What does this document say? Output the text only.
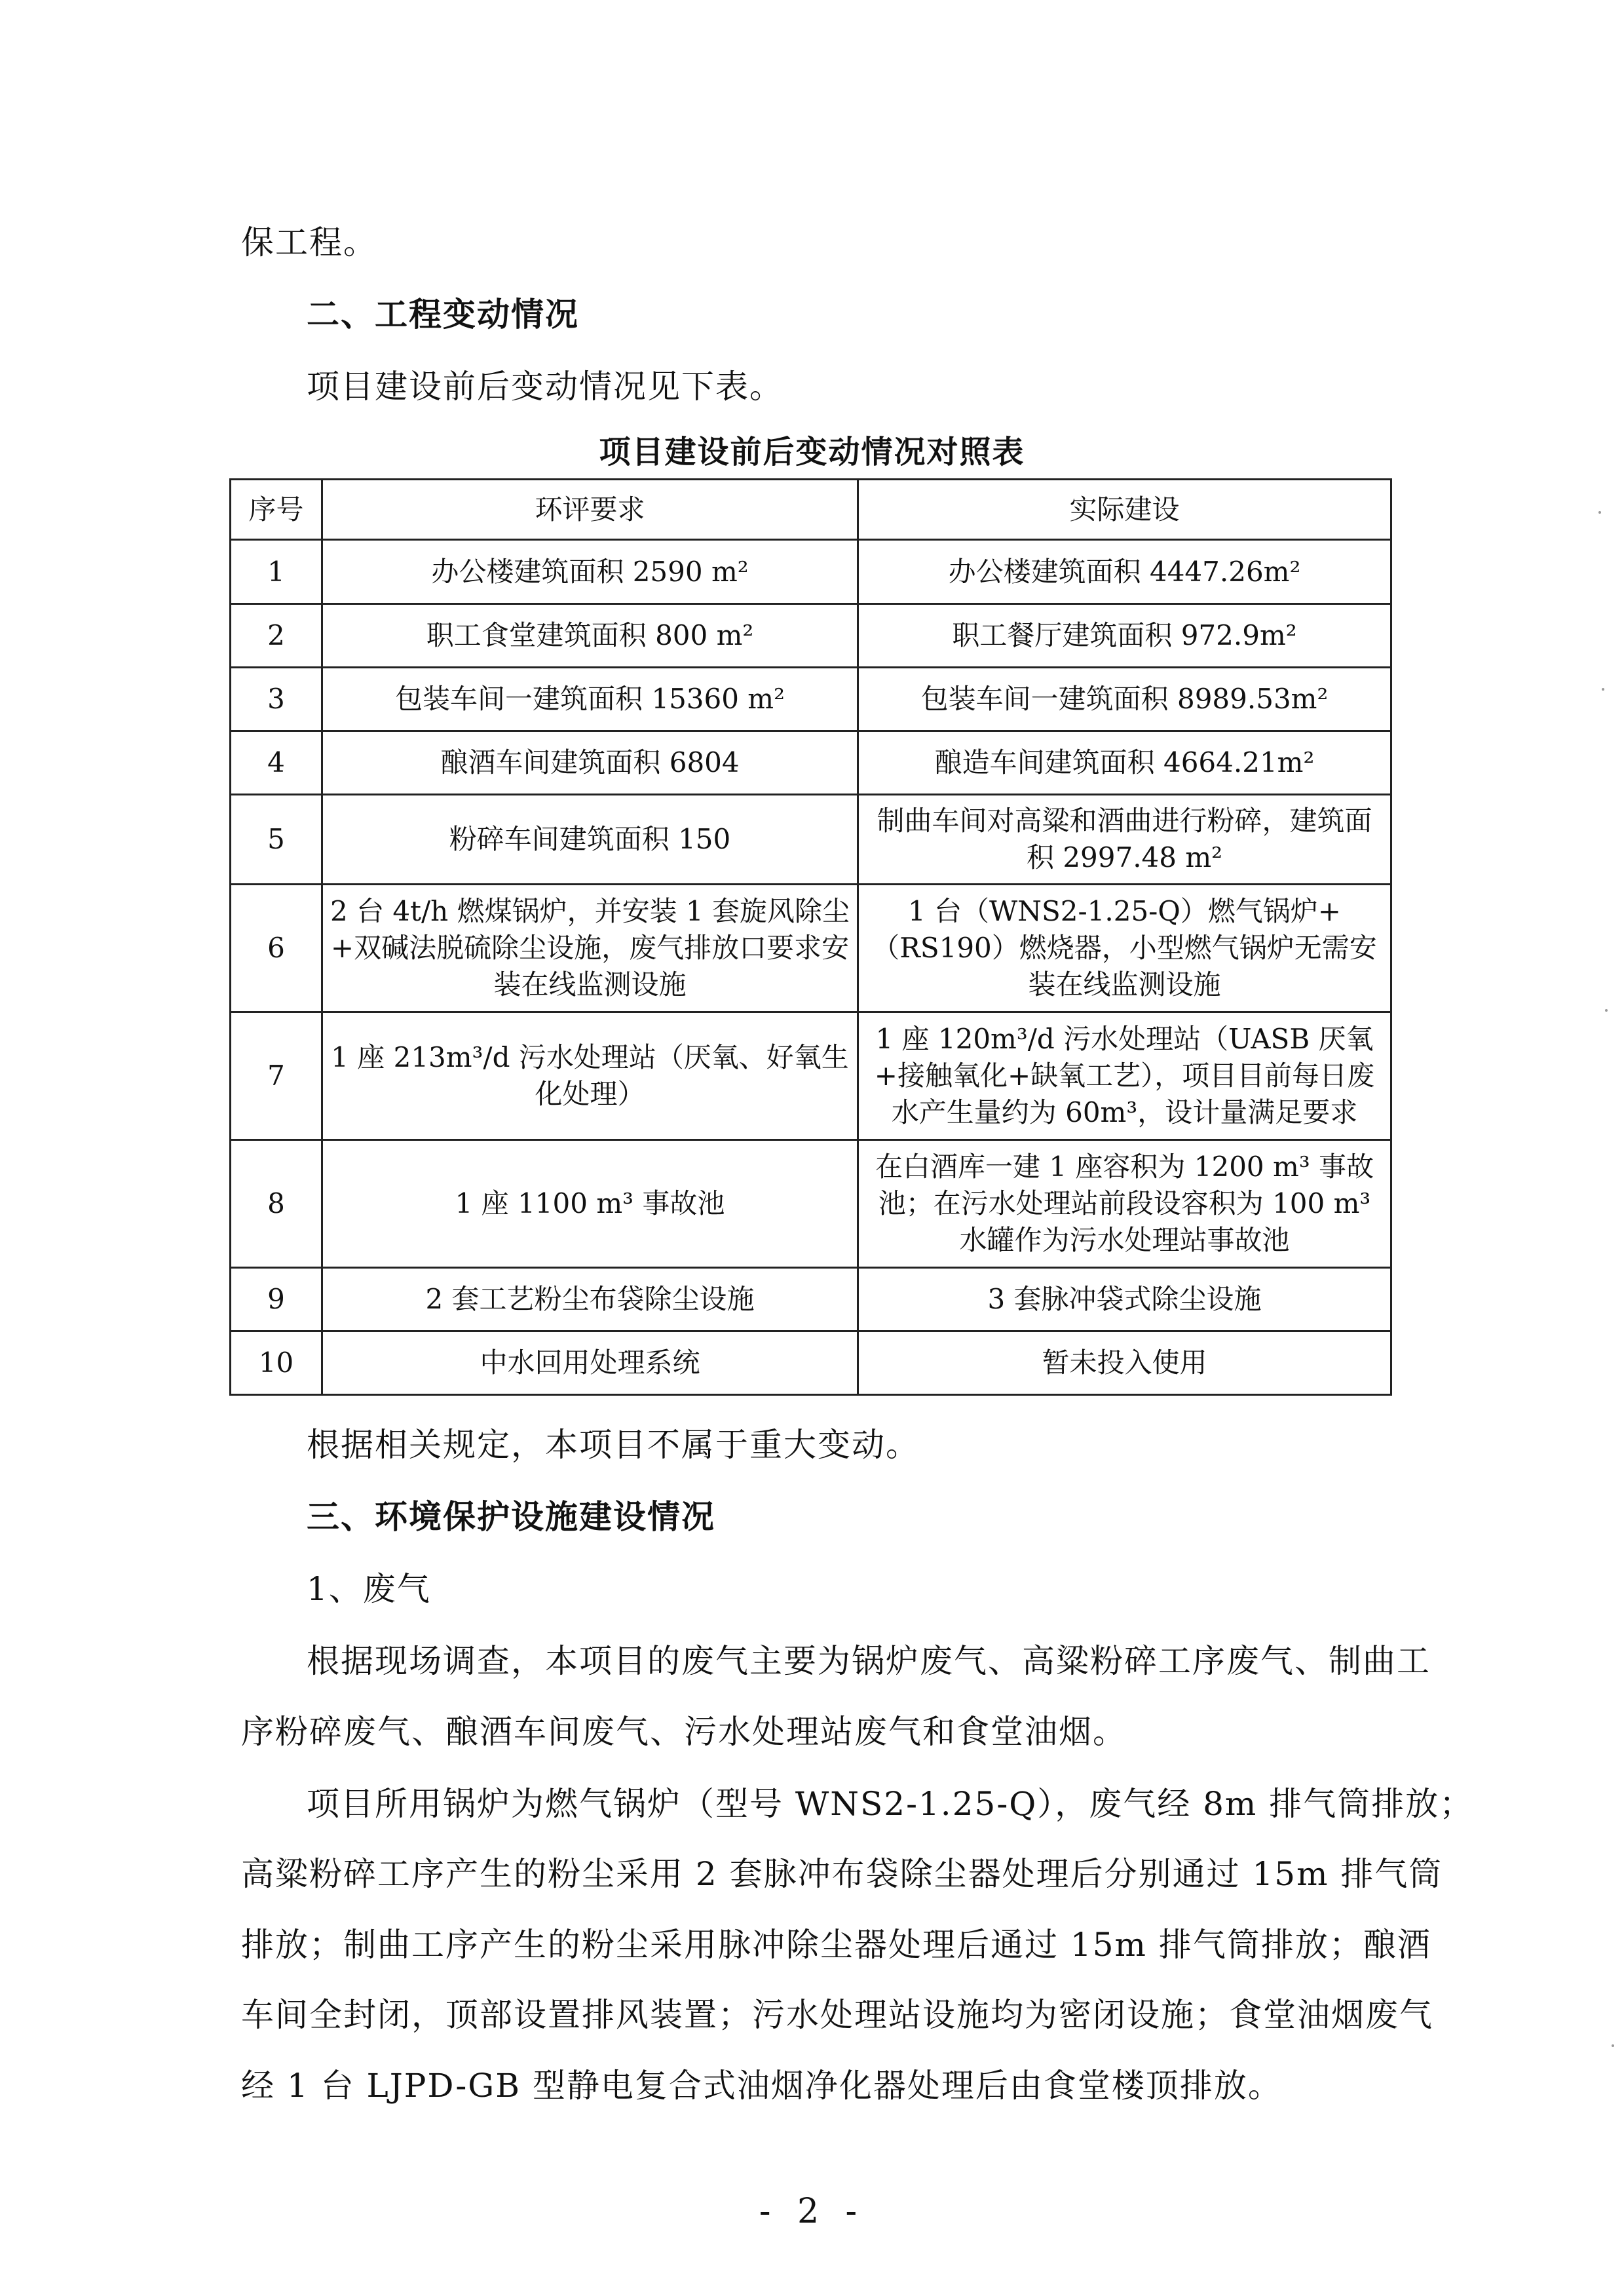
保工程。
二、工程变动情况
项目建设前后变动情况见下表。
项目建设前后变动情况对照表
序号	环评要求	实际建设
1	办公楼建筑面积 2590 m²	办公楼建筑面积 4447.26m²
2	职工食堂建筑面积 800 m²	职工餐厅建筑面积 972.9m²
3	包装车间一建筑面积 15360 m²	包装车间一建筑面积 8989.53m²
4	酿酒车间建筑面积 6804	酿造车间建筑面积 4664.21m²
5	粉碎车间建筑面积 150	制曲车间对高粱和酒曲进行粉碎，建筑面积 2997.48 m²
6	2 台 4t/h 燃煤锅炉，并安装 1 套旋风除尘+双碱法脱硫除尘设施，废气排放口要求安装在线监测设施	1 台（WNS2-1.25-Q）燃气锅炉+（RS190）燃烧器，小型燃气锅炉无需安装在线监测设施
7	1 座 213m³/d 污水处理站（厌氧、好氧生化处理）	1 座 120m³/d 污水处理站（UASB 厌氧+接触氧化+缺氧工艺），项目目前每日废水产生量约为 60m³，设计量满足要求
8	1 座 1100 m³ 事故池	在白酒库一建 1 座容积为 1200 m³ 事故池；在污水处理站前段设容积为 100 m³ 水罐作为污水处理站事故池
9	2 套工艺粉尘布袋除尘设施	3 套脉冲袋式除尘设施
10	中水回用处理系统	暂未投入使用
根据相关规定，本项目不属于重大变动。
三、环境保护设施建设情况
1、废气
根据现场调查，本项目的废气主要为锅炉废气、高粱粉碎工序废气、制曲工
序粉碎废气、酿酒车间废气、污水处理站废气和食堂油烟。
项目所用锅炉为燃气锅炉（型号 WNS2-1.25-Q），废气经 8m 排气筒排放；
高粱粉碎工序产生的粉尘采用 2 套脉冲布袋除尘器处理后分别通过 15m 排气筒
排放；制曲工序产生的粉尘采用脉冲除尘器处理后通过 15m 排气筒排放；酿酒
车间全封闭，顶部设置排风装置；污水处理站设施均为密闭设施；食堂油烟废气
经 1 台 LJPD-GB 型静电复合式油烟净化器处理后由食堂楼顶排放。
- 2 -
